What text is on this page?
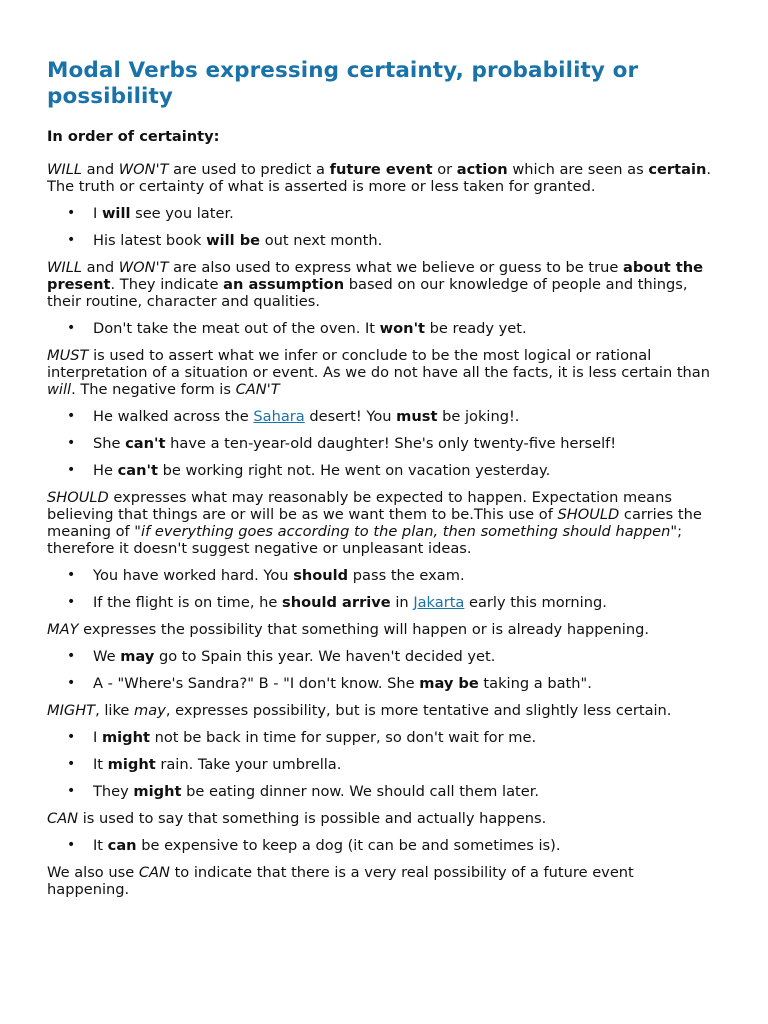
Modal Verbs expressing certainty, probability or possibility

In order of certainty:

WILL and WON'T are used to predict a future event or action which are seen as certain. The truth or certainty of what is asserted is more or less taken for granted.

• I will see you later.
• His latest book will be out next month.

WILL and WON'T are also used to express what we believe or guess to be true about the present. They indicate an assumption based on our knowledge of people and things, their routine, character and qualities.

• Don't take the meat out of the oven. It won't be ready yet.

MUST is used to assert what we infer or conclude to be the most logical or rational interpretation of a situation or event. As we do not have all the facts, it is less certain than will. The negative form is CAN'T

• He walked across the Sahara desert! You must be joking!.
• She can't have a ten-year-old daughter! She's only twenty-five herself!
• He can't be working right not. He went on vacation yesterday.

SHOULD expresses what may reasonably be expected to happen. Expectation means believing that things are or will be as we want them to be.This use of SHOULD carries the meaning of "if everything goes according to the plan, then something should happen"; therefore it doesn't suggest negative or unpleasant ideas.

• You have worked hard. You should pass the exam.
• If the flight is on time, he should arrive in Jakarta early this morning.

MAY expresses the possibility that something will happen or is already happening.

• We may go to Spain this year. We haven't decided yet.
• A - "Where's Sandra?" B - "I don't know. She may be taking a bath".

MIGHT, like may, expresses possibility, but is more tentative and slightly less certain.

• I might not be back in time for supper, so don't wait for me.
• It might rain. Take your umbrella.
• They might be eating dinner now. We should call them later.

CAN is used to say that something is possible and actually happens.

• It can be expensive to keep a dog (it can be and sometimes is).

We also use CAN to indicate that there is a very real possibility of a future event happening.
